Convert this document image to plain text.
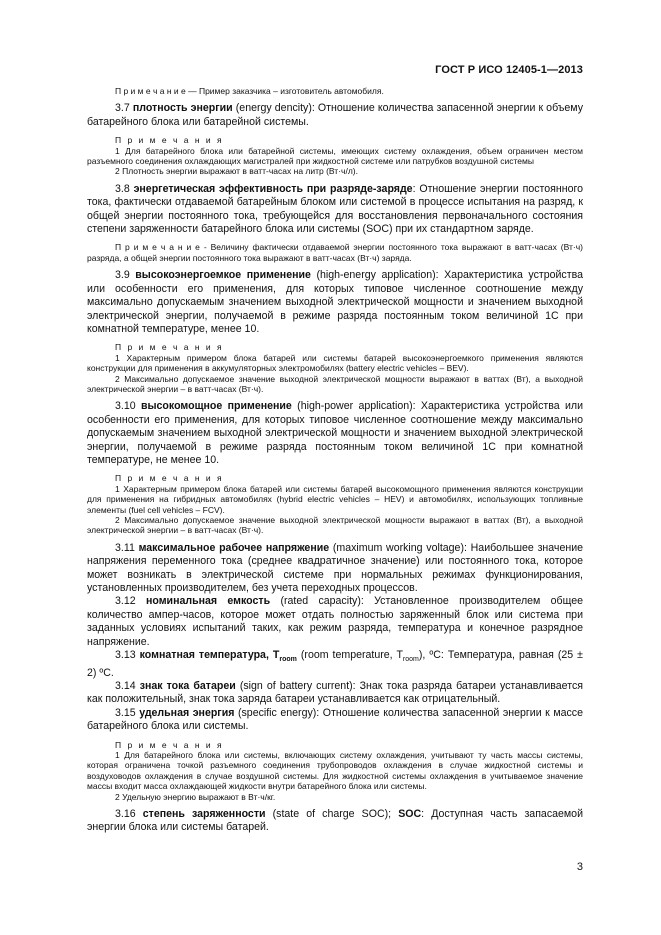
ГОСТ Р ИСО 12405-1—2013

П р и м е ч а н и е — Пример заказчика – изготовитель автомобиля.

3.7 плотность энергии (energy dencity): Отношение количества запасенной энергии к объему батарейного блока или батарейной системы.

П р и м е ч а н и я

1 Для батарейного блока или батарейной системы, имеющих систему охлаждения, объем ограничен местом разъемного соединения охлаждающих магистралей при жидкостной системе или патрубков воздушной системы

2 Плотность энергии выражают в ватт-часах на литр (Вт·ч/л).

3.8 энергетическая эффективность при разряде-заряде: Отношение энергии постоянного тока, фактически отдаваемой батарейным блоком или системой в процессе испытания на разряд, к общей энергии постоянного тока, требующейся для восстановления первоначального состояния степени заряженности батарейного блока или системы (SOC) при их стандартном заряде.

П р и м е ч а н и е - Величину фактически отдаваемой энергии постоянного тока выражают в ватт-часах (Вт·ч) разряда, а общей энергии постоянного тока выражают в ватт-часах (Вт·ч) заряда.

3.9 высокоэнергоемкое применение (high-energy application): Характеристика устройства или особенности его применения, для которых типовое численное соотношение между максимально допускаемым значением выходной электрической мощности и значением выходной электрической энергии, получаемой в режиме разряда постоянным током величиной 1С при комнатной температуре, менее 10.

П р и м е ч а н и я

1 Характерным примером блока батарей или системы батарей высокоэнергоемкого применения являются конструкции для применения в аккумуляторных электромобилях (battery electric vehicles – BEV).

2 Максимально допускаемое значение выходной электрической мощности выражают в ваттах (Вт), а выходной электрической энергии – в ватт-часах (Вт·ч).

3.10 высокомощное применение (high-power application): Характеристика устройства или особенности его применения, для которых типовое численное соотношение между максимально допускаемым значением выходной электрической мощности и значением выходной электрической энергии, получаемой в режиме разряда постоянным током величиной 1С при комнатной температуре, не менее 10.

П р и м е ч а н и я

1 Характерным примером блока батарей или системы батарей высокомощного применения являются конструкции для применения на гибридных автомобилях (hybrid electric vehicles – HEV) и автомобилях, использующих топливные элементы (fuel cell vehicles – FCV).

2 Максимально допускаемое значение выходной электрической мощности выражают в ваттах (Вт), а выходной электрической энергии – в ватт-часах (Вт·ч).

3.11 максимальное рабочее напряжение (maximum working voltage): Наибольшее значение напряжения переменного тока (среднее квадратичное значение) или постоянного тока, которое может возникать в электрической системе при нормальных режимах функционирования, установленных производителем, без учета переходных процессов.

3.12 номинальная емкость (rated capacity): Установленное производителем общее количество ампер-часов, которое может отдать полностью заряженный блок или система при заданных условиях испытаний таких, как режим разряда, температура и конечное разрядное напряжение.

3.13 комнатная температура, $T_{room}$ (room temperature, $T_{room}$), ºC: Температура, равная (25 ± 2) ºC.

3.14 знак тока батареи (sign of battery current): Знак тока разряда батареи устанавливается как положительный, знак тока заряда батареи устанавливается как отрицательный.

3.15 удельная энергия (specific energy): Отношение количества запасенной энергии к массе батарейного блока или системы.

П р и м е ч а н и я

1 Для батарейного блока или системы, включающих систему охлаждения, учитывают ту часть массы системы, которая ограничена точкой разъемного соединения трубопроводов охлаждения в случае жидкостной системы и воздуховодов охлаждения в случае воздушной системы. Для жидкостной системы охлаждения в учитываемое значение массы входит масса охлаждающей жидкости внутри батарейного блока или системы.

2 Удельную энергию выражают в Вт·ч/кг.

3.16 степень заряженности (state of charge SOC); SOC: Доступная часть запасаемой энергии блока или системы батарей.

3
